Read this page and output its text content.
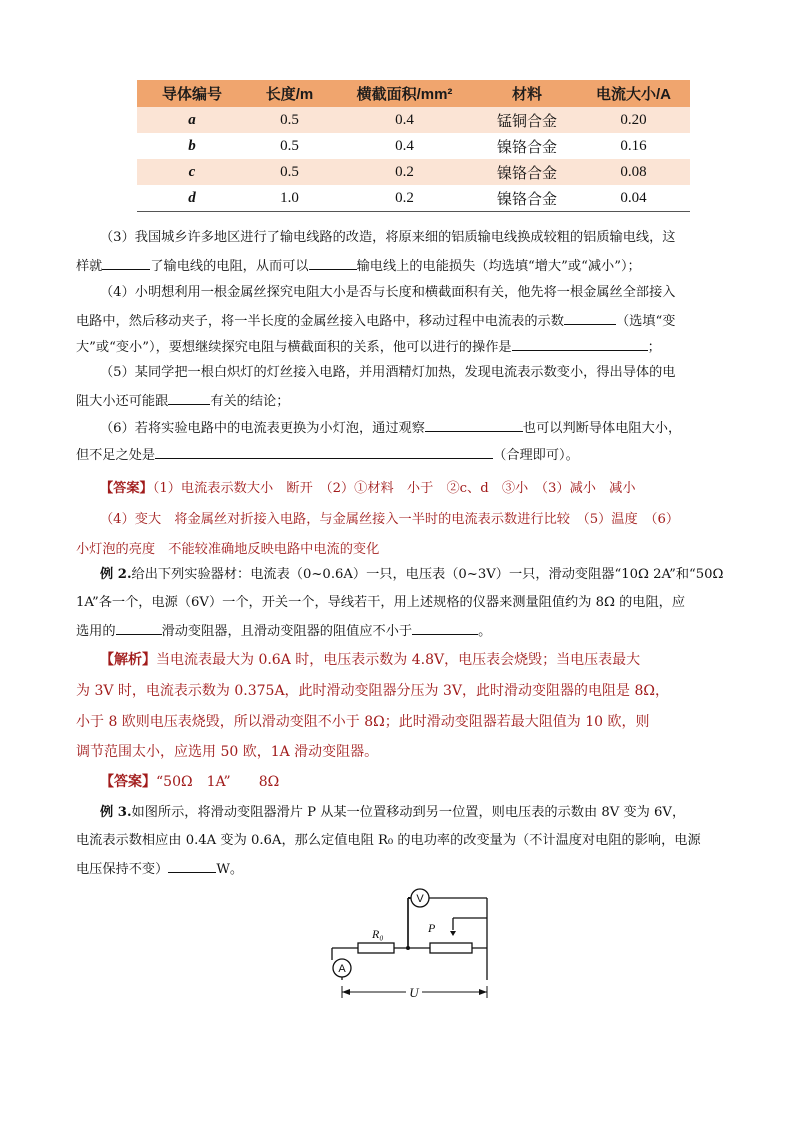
导体编号	长度/m	横截面积/mm²	材料	电流大小/A
a	0.5	0.4	锰铜合金	0.20
b	0.5	0.4	镍铬合金	0.16
c	0.5	0.2	镍铬合金	0.08
d	1.0	0.2	镍铬合金	0.04
（3）我国城乡许多地区进行了输电线路的改造，将原来细的铝质输电线换成较粗的铝质输电线，这
样就	了输电线的电阻，从而可以	输电线上的电能损失（均选填“增大”或“减小”）；
（4）小明想利用一根金属丝探究电阻大小是否与长度和横截面积有关，他先将一根金属丝全部接入
电路中，然后移动夹子，将一半长度的金属丝接入电路中，移动过程中电流表的示数	（选填“变
大”或“变小”），要想继续探究电阻与横截面积的关系，他可以进行的操作是	；
（5）某同学把一根白炽灯的灯丝接入电路，并用酒精灯加热，发现电流表示数变小，得出导体的电
阻大小还可能跟	有关的结论；
（6）若将实验电路中的电流表更换为小灯泡，通过观察	也可以判断导体电阻大小，
但不足之处是	（合理即可）。
【答案】（1）电流表示数大小　断开　（2）①材料　小于　②c、d　③小　（3）减小　减小
（4）变大　将金属丝对折接入电路，与金属丝接入一半时的电流表示数进行比较　（5）温度　（6）
小灯泡的亮度　不能较准确地反映电路中电流的变化
例 2.给出下列实验器材：电流表（0~0.6A）一只，电压表（0~3V）一只，滑动变阻器“10Ω 2A”和“50Ω
1A”各一个，电源（6V）一个，开关一个，导线若干，用上述规格的仪器来测量阻值约为 8Ω 的电阻，应
选用的	滑动变阻器，且滑动变阻器的阻值应不小于	。
【解析】当电流表最大为 0.6A 时，电压表示数为 4.8V，电压表会烧毁；当电压表最大
为 3V 时，电流表示数为 0.375A，此时滑动变阻器分压为 3V，此时滑动变阻器的电阻是 8Ω，
小于 8 欧则电压表烧毁，所以滑动变阻不小于 8Ω；此时滑动变阻器若最大阻值为 10 欧，则
调节范围太小，应选用 50 欧，1A 滑动变阻器。
【答案】“50Ω　1A”　　8Ω
例 3.如图所示，将滑动变阻器滑片 P 从某一位置移动到另一位置，则电压表的示数由 8V 变为 6V，
电流表示数相应由 0.4A 变为 0.6A，那么定值电阻 R₀ 的电功率的改变量为（不计温度对电阻的影响，电源
电压保持不变）	W。
V
R₀	P
A
U
